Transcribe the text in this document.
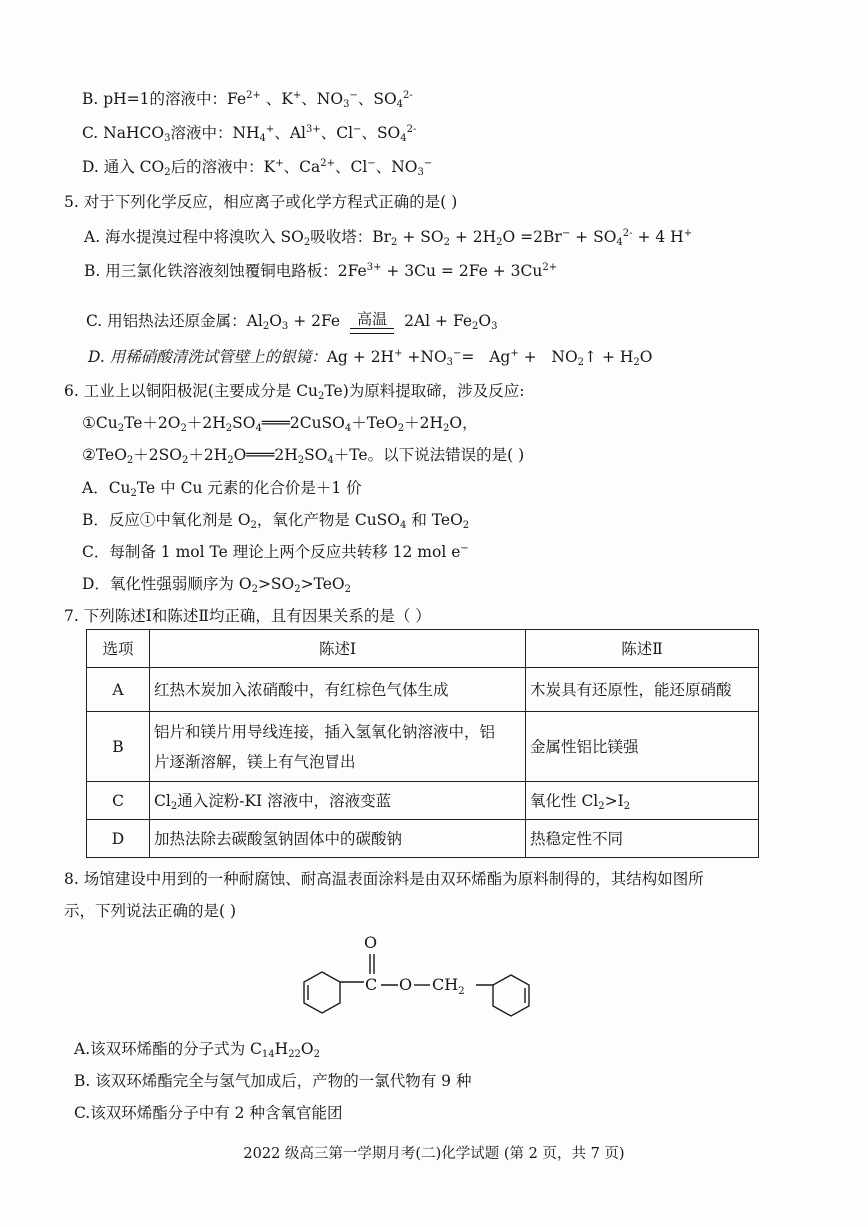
B. pH=1的溶液中：$Fe^{2+}$ 、K+、$NO_3^-$、$SO_4^{2-}$
C. NaHCO$_3$溶液中：$NH_4^+$、$Al^{3+}$、Cl−、$SO_4^{2-}$
D. 通入 $CO_2$后的溶液中：K+、$Ca^{2+}$、Cl−、$NO_3^-$
5. 对于下列化学反应，相应离子或化学方程式正确的是( )
A. 海水提溴过程中将溴吹入 $SO_2$吸收塔：$Br_2 + SO_2 + 2H_2O =2Br^- + SO_4^{2-} + 4$ H+
B. 用三氯化铁溶液刻蚀覆铜电路板：$2Fe^{3+} + 3Cu = 2Fe + 3Cu^{2+}$
C. 用铝热法还原金属：$Al_2O_3 + 2Fe$	高温	$2Al + Fe_2O_3$
D. 用稀硝酸清洗试管壁上的银镜：$Ag + 2H^+ +NO_3^-= Ag^+$ +   $NO_2↑ + H_2O$
6. 工业上以铜阳极泥(主要成分是 $Cu_2Te$)为原料提取碲，涉及反应:
$①Cu_2Te+2O_2+2H_2SO_4═══2CuSO_4+TeO_2+2H_2O$，
$②TeO_2+2SO_2+2H_2O═══2H_2SO_4+Te$。以下说法错误的是( )
A．$Cu_2Te$ 中 Cu 元素的化合价是＋1 价
B．反应①中氧化剂是 $O_2$，氧化产物是 CuSO$_4$ 和 TeO$_2$
C．每制备 1 mol Te 理论上两个反应共转移 12 mol e−
D．氧化性强弱顺序为 $O_2>SO_2>TeO_2$
7. 下列陈述Ⅰ和陈述Ⅱ均正确，且有因果关系的是（ ）
选项	陈述Ⅰ	陈述Ⅱ
A	红热木炭加入浓硝酸中，有红棕色气体生成	木炭具有还原性，能还原硝酸
B	铝片和镁片用导线连接，插入氢氧化钠溶液中，铝
片逐渐溶解，镁上有气泡冒出	金属性铝比镁强
C	$Cl_2$通入淀粉-KI 溶液中，溶液变蓝	氧化性 $Cl_2>I_2$
D	加热法除去碳酸氢钠固体中的碳酸钠	热稳定性不同
8. 场馆建设中用到的一种耐腐蚀、耐高温表面涂料是由双环烯酯为原料制得的，其结构如图所
示，下列说法正确的是( )
O
C O $CH_2$
A.该双环烯酯的分子式为 $C_{14}H_{22}O_2$
B. 该双环烯酯完全与氢气加成后，产物的一氯代物有 9 种
C.该双环烯酯分子中有 2 种含氧官能团
2022 级高三第一学期月考(二)化学试题 (第 2 页，共 7 页)
